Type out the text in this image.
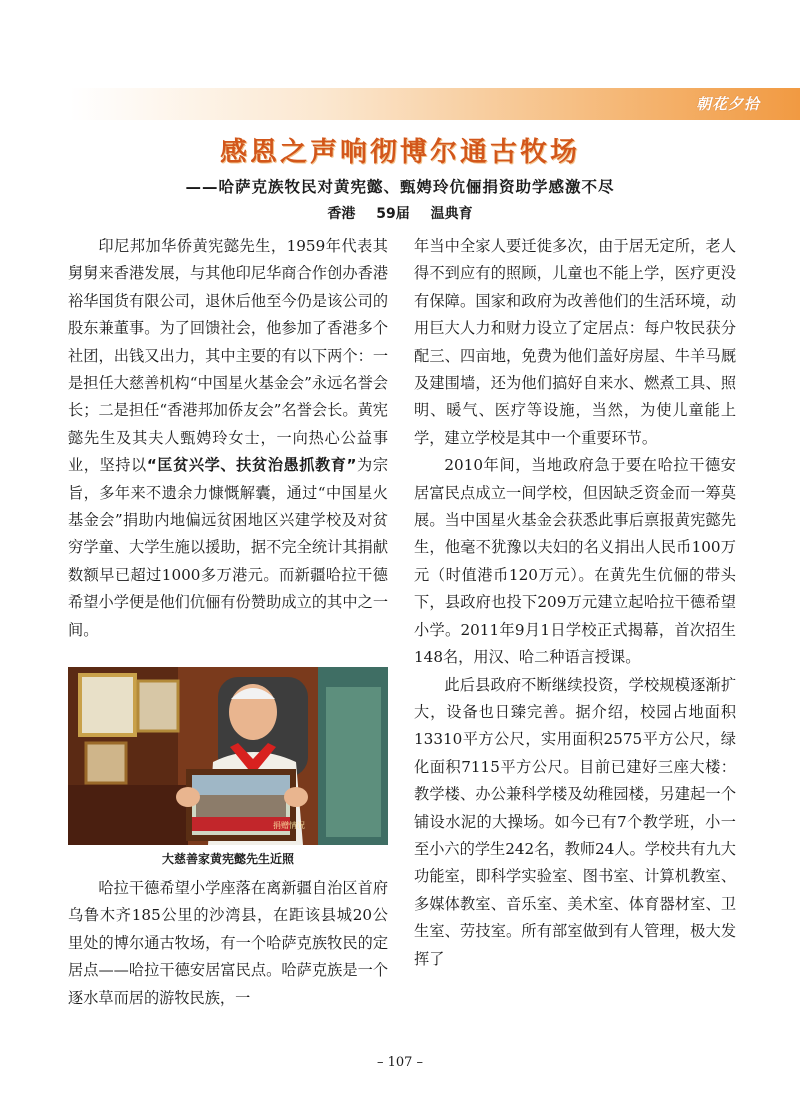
朝花夕拾
感恩之声响彻博尔通古牧场
——哈萨克族牧民对黄宪懿、甄娉玲伉俪捐资助学感激不尽
香港 59届 温典育

印尼邦加华侨黄宪懿先生，1959年代表其舅舅来香港发展，与其他印尼华商合作创办香港裕华国货有限公司，退休后他至今仍是该公司的股东兼董事。为了回馈社会，他参加了香港多个社团，出钱又出力，其中主要的有以下两个：一是担任大慈善机构“中国星火基金会”永远名誉会长；二是担任“香港邦加侨友会”名誉会长。黄宪懿先生及其夫人甄娉玲女士，一向热心公益事业，坚持以“匡贫兴学、扶贫治愚抓教育”为宗旨，多年来不遗余力慷慨解囊，通过“中国星火基金会”捐助内地偏远贫困地区兴建学校及对贫穷学童、大学生施以援助，据不完全统计其捐献数额早已超过1000多万港元。而新疆哈拉干德希望小学便是他们伉俪有份赞助成立的其中之一间。

捐赠情况
大慈善家黄宪懿先生近照

哈拉干德希望小学座落在离新疆自治区首府乌鲁木齐185公里的沙湾县，在距该县城20公里处的博尔通古牧场，有一个哈萨克族牧民的定居点——哈拉干德安居富民点。哈萨克族是一个逐水草而居的游牧民族，一

年当中全家人要迁徙多次，由于居无定所，老人得不到应有的照顾，儿童也不能上学，医疗更没有保障。国家和政府为改善他们的生活环境，动用巨大人力和财力设立了定居点：每户牧民获分配三、四亩地，免费为他们盖好房屋、牛羊马厩及建围墙，还为他们搞好自来水、燃煮工具、照明、暖气、医疗等设施，当然，为使儿童能上学，建立学校是其中一个重要环节。

2010年间，当地政府急于要在哈拉干德安居富民点成立一间学校，但因缺乏资金而一筹莫展。当中国星火基金会获悉此事后禀报黄宪懿先生，他毫不犹豫以夫妇的名义捐出人民币100万元（时值港币120万元）。在黄先生伉俪的带头下，县政府也投下209万元建立起哈拉干德希望小学。2011年9月1日学校正式揭幕，首次招生148名，用汉、哈二种语言授课。

此后县政府不断继续投资，学校规模逐渐扩大，设备也日臻完善。据介绍，校园占地面积13310平方公尺，实用面积2575平方公尺，绿化面积7115平方公尺。目前已建好三座大楼：教学楼、办公兼科学楼及幼稚园楼，另建起一个铺设水泥的大操场。如今已有7个教学班，小一至小六的学生242名，教师24人。学校共有九大功能室，即科学实验室、图书室、计算机教室、多媒体教室、音乐室、美术室、体育器材室、卫生室、劳技室。所有部室做到有人管理，极大发挥了

– 107 –
